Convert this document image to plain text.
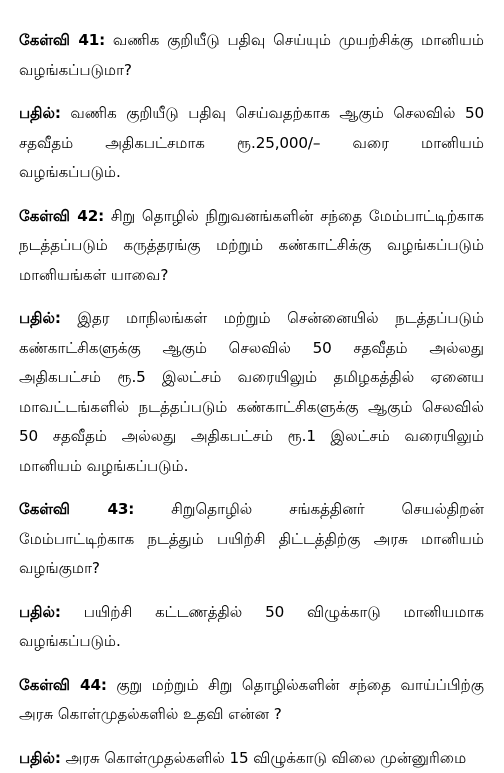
கேள்வி 41: வணிக குறியீடு பதிவு செய்யும் முயற்சிக்கு மானியம் வழங்கப்படுமா?

பதில்: வணிக குறியீடு பதிவு செய்வதற்காக ஆகும் செலவில் 50 சதவீதம் அதிகபட்சமாக ரூ.25,000/– வரை மானியம் வழங்கப்படும்.

கேள்வி 42: சிறு தொழில் நிறுவனங்களின் சந்தை மேம்பாட்டிற்காக நடத்தப்படும் கருத்தரங்கு மற்றும் கண்காட்சிக்கு வழங்கப்படும் மானியங்கள் யாவை?

பதில்: இதர மாநிலங்கள் மற்றும் சென்னையில் நடத்தப்படும் கண்காட்சிகளுக்கு ஆகும் செலவில் 50 சதவீதம் அல்லது அதிகபட்சம் ரூ.5 இலட்சம் வரையிலும் தமிழகத்தில் ஏனைய மாவட்டங்களில் நடத்தப்படும் கண்காட்சிகளுக்கு ஆகும் செலவில் 50 சதவீதம் அல்லது அதிகபட்சம் ரூ.1 இலட்சம் வரையிலும் மானியம் வழங்கப்படும்.

கேள்வி 43: சிறுதொழில் சங்கத்தினர் செயல்திறன் மேம்பாட்டிற்காக நடத்தும் பயிற்சி திட்டத்திற்கு அரசு மானியம் வழங்குமா?

பதில்: பயிற்சி கட்டணத்தில் 50 விழுக்காடு மானியமாக வழங்கப்படும்.

கேள்வி 44: குறு மற்றும் சிறு தொழில்களின் சந்தை வாய்ப்பிற்கு அரசு கொள்முதல்களில் உதவி என்ன ?

பதில்: அரசு கொள்முதல்களில் 15 விழுக்காடு விலை முன்னுரிமை
